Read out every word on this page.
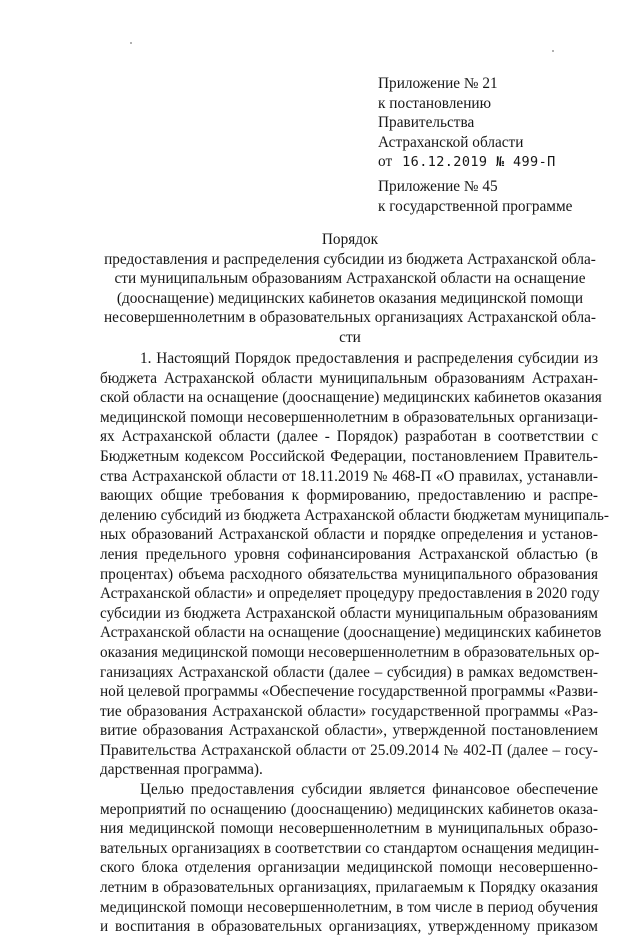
Приложение № 21
к постановлению
Правительства
Астраханской области
от 16.12.2019 № 499-П
Приложение № 45
к государственной программе
Порядок
предоставления и распределения субсидии из бюджета Астраханской обла-
сти муниципальным образованиям Астраханской области на оснащение
(дооснащение) медицинских кабинетов оказания медицинской помощи
несовершеннолетним в образовательных организациях Астраханской обла-
сти
1. Настоящий Порядок предоставления и распределения субсидии из
бюджета Астраханской области муниципальным образованиям Астрахан-
ской области на оснащение (дооснащение) медицинских кабинетов оказания
медицинской помощи несовершеннолетним в образовательных организаци-
ях Астраханской области (далее - Порядок) разработан в соответствии с
Бюджетным кодексом Российской Федерации, постановлением Правитель-
ства Астраханской области от 18.11.2019 № 468-П «О правилах, устанавли-
вающих общие требования к формированию, предоставлению и распре-
делению субсидий из бюджета Астраханской области бюджетам муниципаль-
ных образований Астраханской области и порядке определения и установ-
ления предельного уровня софинансирования Астраханской областью (в
процентах) объема расходного обязательства муниципального образования
Астраханской области» и определяет процедуру предоставления в 2020 году
субсидии из бюджета Астраханской области муниципальным образованиям
Астраханской области на оснащение (дооснащение) медицинских кабинетов
оказания медицинской помощи несовершеннолетним в образовательных ор-
ганизациях Астраханской области (далее – субсидия) в рамках ведомствен-
ной целевой программы «Обеспечение государственной программы «Разви-
тие образования Астраханской области» государственной программы «Раз-
витие образования Астраханской области», утвержденной постановлением
Правительства Астраханской области от 25.09.2014 № 402-П (далее – госу-
дарственная программа).
Целью предоставления субсидии является финансовое обеспечение
мероприятий по оснащению (дооснащению) медицинских кабинетов оказа-
ния медицинской помощи несовершеннолетним в муниципальных образо-
вательных организациях в соответствии со стандартом оснащения медицин-
ского блока отделения организации медицинской помощи несовершенно-
летним в образовательных организациях, прилагаемым к Порядку оказания
медицинской помощи несовершеннолетним, в том числе в период обучения
и воспитания в образовательных организациях, утвержденному приказом
